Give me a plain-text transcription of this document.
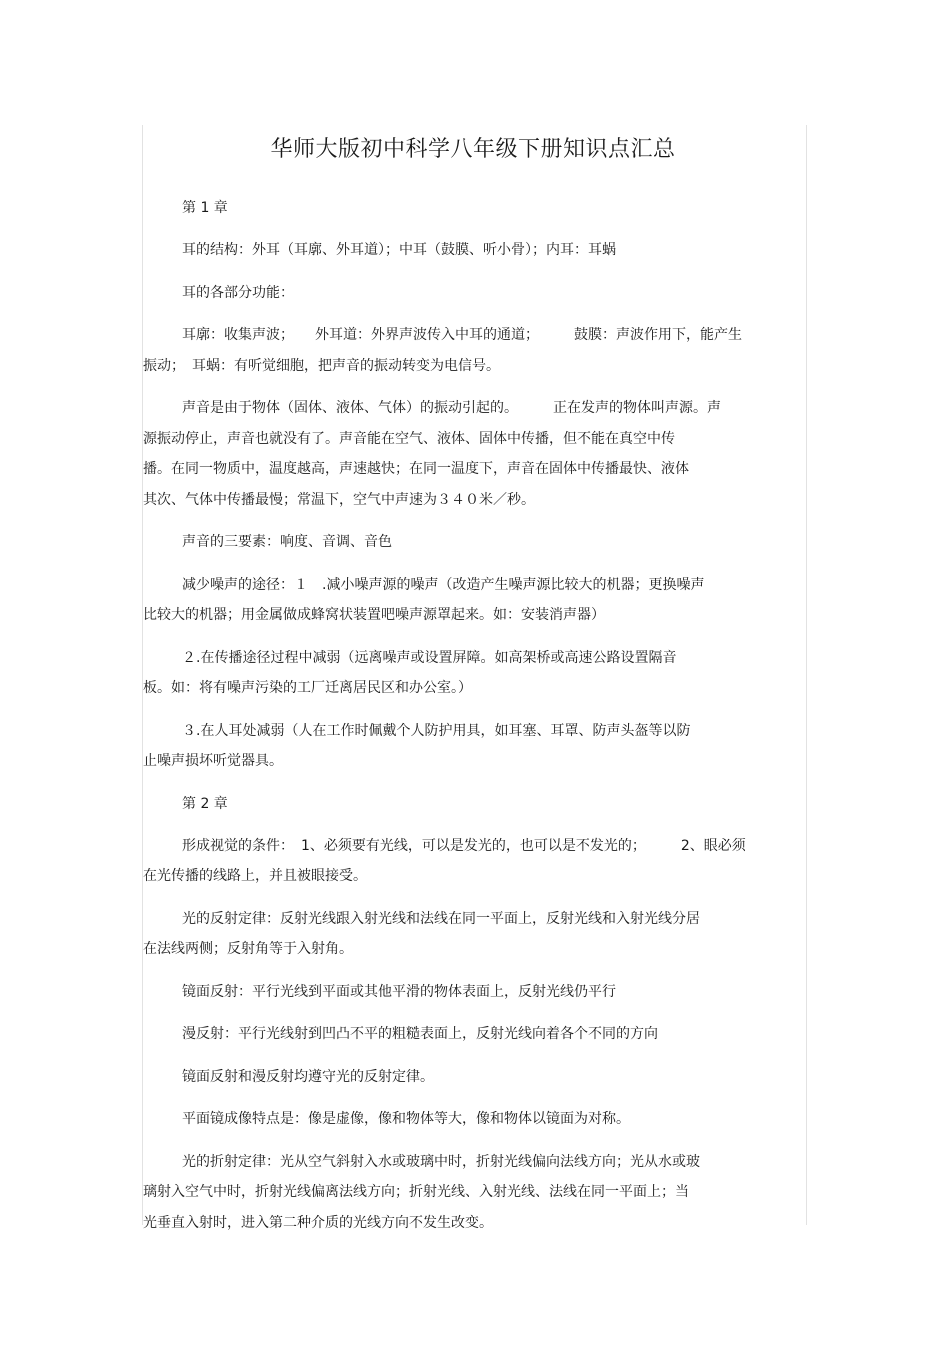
华师大版初中科学八年级下册知识点汇总
第 1 章
耳的结构：外耳（耳廓、外耳道）；中耳（鼓膜、听小骨）；内耳：耳蜗
耳的各部分功能：
耳廓：收集声波；　　外耳道：外界声波传入中耳的通道；　　　鼓膜：声波作用下，能产生
振动；　耳蜗：有听觉细胞，把声音的振动转变为电信号。
声音是由于物体（固体、液体、气体）的振动引起的。　　　正在发声的物体叫声源。声
源振动停止，声音也就没有了。声音能在空气、液体、固体中传播，但不能在真空中传
播。在同一物质中，温度越高，声速越快；在同一温度下，声音在固体中传播最快、液体
其次、气体中传播最慢；常温下，空气中声速为３４０米／秒。
声音的三要素：响度、音调、音色
减少噪声的途径：１　.减小噪声源的噪声（改造产生噪声源比较大的机器；更换噪声
比较大的机器；用金属做成蜂窝状装置吧噪声源罩起来。如：安装消声器）
２.在传播途径过程中减弱（远离噪声或设置屏障。如高架桥或高速公路设置隔音
板。如：将有噪声污染的工厂迁离居民区和办公室。）
３.在人耳处减弱（人在工作时佩戴个人防护用具，如耳塞、耳罩、防声头盔等以防
止噪声损坏听觉器具。
第 2 章
形成视觉的条件：　1、必须要有光线，可以是发光的，也可以是不发光的；　　　2、眼必须
在光传播的线路上，并且被眼接受。
光的反射定律：反射光线跟入射光线和法线在同一平面上，反射光线和入射光线分居
在法线两侧；反射角等于入射角。
镜面反射：平行光线到平面或其他平滑的物体表面上，反射光线仍平行
漫反射：平行光线射到凹凸不平的粗糙表面上，反射光线向着各个不同的方向
镜面反射和漫反射均遵守光的反射定律。
平面镜成像特点是：像是虚像，像和物体等大，像和物体以镜面为对称。
光的折射定律：光从空气斜射入水或玻璃中时，折射光线偏向法线方向；光从水或玻
璃射入空气中时，折射光线偏离法线方向；折射光线、入射光线、法线在同一平面上；当
光垂直入射时，进入第二种介质的光线方向不发生改变。
